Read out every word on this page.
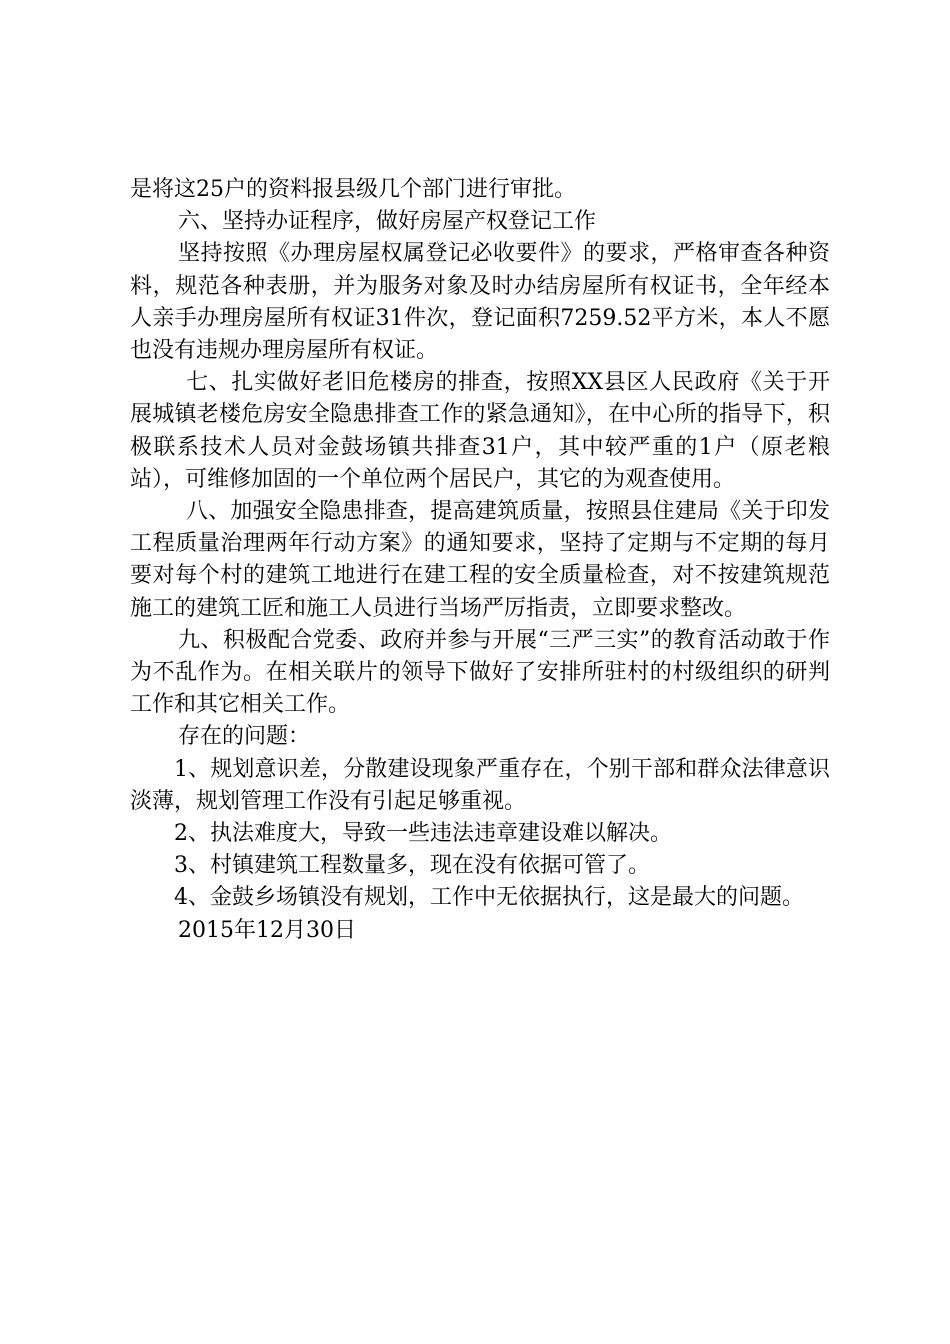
是将这25户的资料报县级几个部门进行审批。

六、坚持办证程序，做好房屋产权登记工作

坚持按照《办理房屋权属登记必收要件》的要求，严格审查各种资料，规范各种表册，并为服务对象及时办结房屋所有权证书，全年经本人亲手办理房屋所有权证31件次，登记面积7259.52平方米，本人不愿也没有违规办理房屋所有权证。

七、扎实做好老旧危楼房的排查，按照XX县区人民政府《关于开展城镇老楼危房安全隐患排查工作的紧急通知》，在中心所的指导下，积极联系技术人员对金鼓场镇共排查31户，其中较严重的1户（原老粮站），可维修加固的一个单位两个居民户，其它的为观查使用。

八、加强安全隐患排查，提高建筑质量，按照县住建局《关于印发工程质量治理两年行动方案》的通知要求，坚持了定期与不定期的每月要对每个村的建筑工地进行在建工程的安全质量检查，对不按建筑规范施工的建筑工匠和施工人员进行当场严厉指责，立即要求整改。

九、积极配合党委、政府并参与开展“三严三实”的教育活动敢于作为不乱作为。在相关联片的领导下做好了安排所驻村的村级组织的研判工作和其它相关工作。

存在的问题：

1、规划意识差，分散建设现象严重存在，个别干部和群众法律意识淡薄，规划管理工作没有引起足够重视。

2、执法难度大，导致一些违法违章建设难以解决。

3、村镇建筑工程数量多，现在没有依据可管了。

4、金鼓乡场镇没有规划，工作中无依据执行，这是最大的问题。

2015年12月30日
